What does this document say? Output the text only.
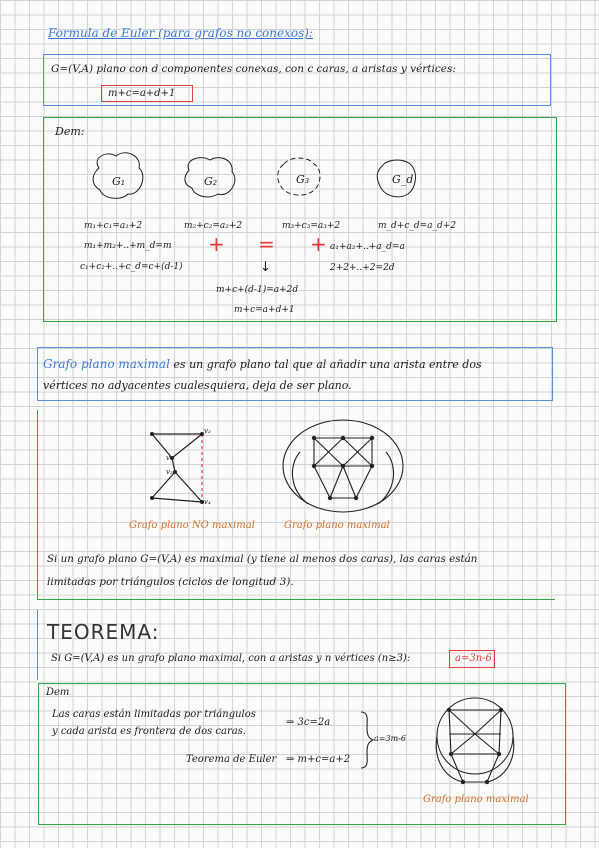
Formula de Euler (para grafos no conexos):
G=(V,A) plano con d componentes conexas, con c caras, a aristas y vértices:
m+c=a+d+1
Dem:
G₁	G₂	G₃	G_d
m₁+c₁=a₁+2	m₂+c₂=a₂+2	m₃+c₃=a₃+2	m_d+c_d=a_d+2
m₁+m₂+..+m_d=m
c₁+c₂+..+c_d=c+(d-1)
a₁+a₂+..+a_d=a
2+2+..+2=2d
+ = +
↓
m+c+(d-1)=a+2d
m+c=a+d+1
Grafo plano maximal es un grafo plano tal que al añadir una arista entre dos
vértices no adyacentes cualesquiera, deja de ser plano.
v₂
v₁
v₃
v₄
Grafo plano NO maximal	Grafo plano maximal
Si un grafo plano G=(V,A) es maximal (y tiene al menos dos caras), las caras están
limitadas por triángulos (ciclos de longitud 3).
TEOREMA:
Si G=(V,A) es un grafo plano maximal, con a aristas y n vértices (n≥3):	a=3n-6
Dem
Las caras están limitadas por triángulos
y cada arista es frontera de dos caras.
⇒ 3c=2a
Teorema de Euler ⇒ m+c=a+2
a=3m-6
Grafo plano maximal
